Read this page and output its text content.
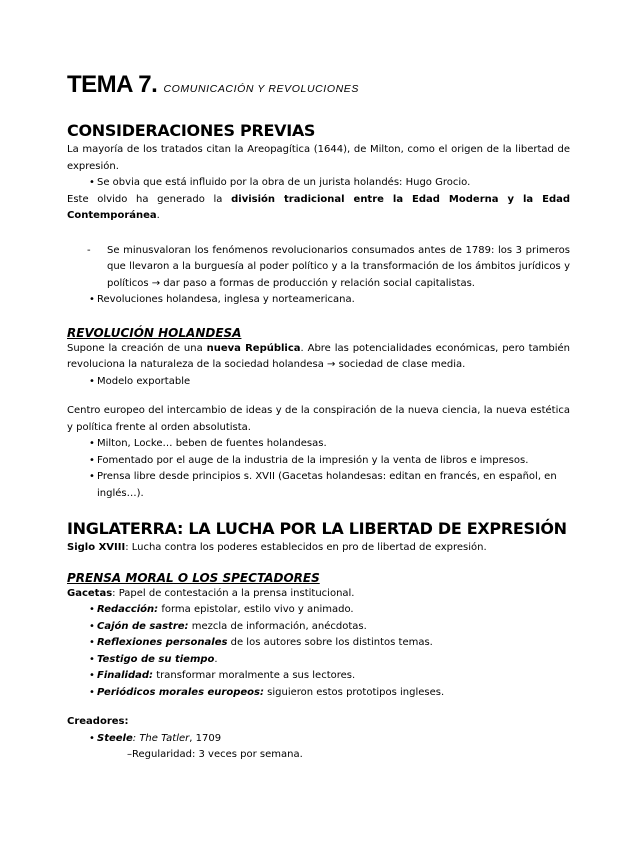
TEMA 7. COMUNICACIÓN Y REVOLUCIONES
CONSIDERACIONES PREVIAS

La mayoría de los tratados citan la Areopagítica (1644), de Milton, como el origen de la libertad de expresión.

• Se obvia que está influido por la obra de un jurista holandés: Hugo Grocio.

Este olvido ha generado la división tradicional entre la Edad Moderna y la Edad Contemporánea.

- Se minusvaloran los fenómenos revolucionarios consumados antes de 1789: los 3 primeros que llevaron a la burguesía al poder político y a la transformación de los ámbitos jurídicos y políticos → dar paso a formas de producción y relación social capitalistas.
• Revoluciones holandesa, inglesa y norteamericana.
REVOLUCIÓN HOLANDESA

Supone la creación de una nueva República. Abre las potencialidades económicas, pero también revoluciona la naturaleza de la sociedad holandesa → sociedad de clase media.

• Modelo exportable

Centro europeo del intercambio de ideas y de la conspiración de la nueva ciencia, la nueva estética y política frente al orden absolutista.

• Milton, Locke… beben de fuentes holandesas.
• Fomentado por el auge de la industria de la impresión y la venta de libros e impresos.
• Prensa libre desde principios s. XVII (Gacetas holandesas: editan en francés, en español, en inglés…).
INGLATERRA: LA LUCHA POR LA LIBERTAD DE EXPRESIÓN

Siglo XVIII: Lucha contra los poderes establecidos en pro de libertad de expresión.

PRENSA MORAL O LOS SPECTADORES

Gacetas: Papel de contestación a la prensa institucional.

• Redacción: forma epistolar, estilo vivo y animado.
• Cajón de sastre: mezcla de información, anécdotas.
• Reflexiones personales de los autores sobre los distintos temas.
• Testigo de su tiempo.
• Finalidad: transformar moralmente a sus lectores.
• Periódicos morales europeos: siguieron estos prototipos ingleses.

Creadores:

• Steele: The Tatler, 1709

–Regularidad: 3 veces por semana.
